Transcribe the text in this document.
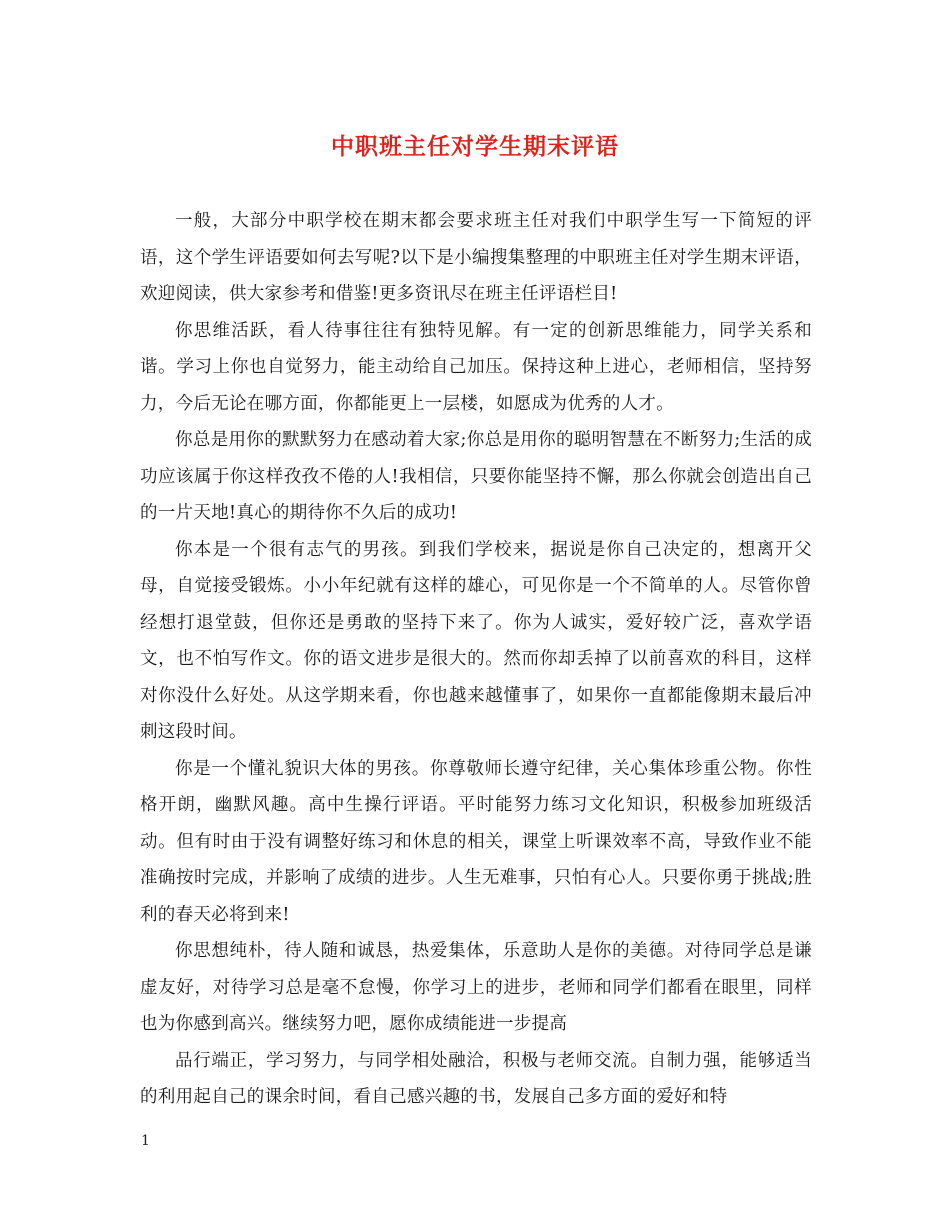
中职班主任对学生期末评语

一般，大部分中职学校在期末都会要求班主任对我们中职学生写一下简短的评语，这个学生评语要如何去写呢?以下是小编搜集整理的中职班主任对学生期末评语，欢迎阅读，供大家参考和借鉴!更多资讯尽在班主任评语栏目!

你思维活跃，看人待事往往有独特见解。有一定的创新思维能力，同学关系和谐。学习上你也自觉努力，能主动给自己加压。保持这种上进心，老师相信，坚持努力，今后无论在哪方面，你都能更上一层楼，如愿成为优秀的人才。

你总是用你的默默努力在感动着大家;你总是用你的聪明智慧在不断努力;生活的成功应该属于你这样孜孜不倦的人!我相信，只要你能坚持不懈，那么你就会创造出自己的一片天地!真心的期待你不久后的成功!

你本是一个很有志气的男孩。到我们学校来，据说是你自己决定的，想离开父母，自觉接受锻炼。小小年纪就有这样的雄心，可见你是一个不简单的人。尽管你曾经想打退堂鼓，但你还是勇敢的坚持下来了。你为人诚实，爱好较广泛，喜欢学语文，也不怕写作文。你的语文进步是很大的。然而你却丢掉了以前喜欢的科目，这样对你没什么好处。从这学期来看，你也越来越懂事了，如果你一直都能像期末最后冲刺这段时间。

你是一个懂礼貌识大体的男孩。你尊敬师长遵守纪律，关心集体珍重公物。你性格开朗，幽默风趣。高中生操行评语。平时能努力练习文化知识，积极参加班级活动。但有时由于没有调整好练习和休息的相关，课堂上听课效率不高，导致作业不能准确按时完成，并影响了成绩的进步。人生无难事，只怕有心人。只要你勇于挑战;胜利的春天必将到来!

你思想纯朴，待人随和诚恳，热爱集体，乐意助人是你的美德。对待同学总是谦虚友好，对待学习总是毫不怠慢，你学习上的进步，老师和同学们都看在眼里，同样也为你感到高兴。继续努力吧，愿你成绩能进一步提高

品行端正，学习努力，与同学相处融洽，积极与老师交流。自制力强，能够适当的利用起自己的课余时间，看自己感兴趣的书，发展自己多方面的爱好和特

1
